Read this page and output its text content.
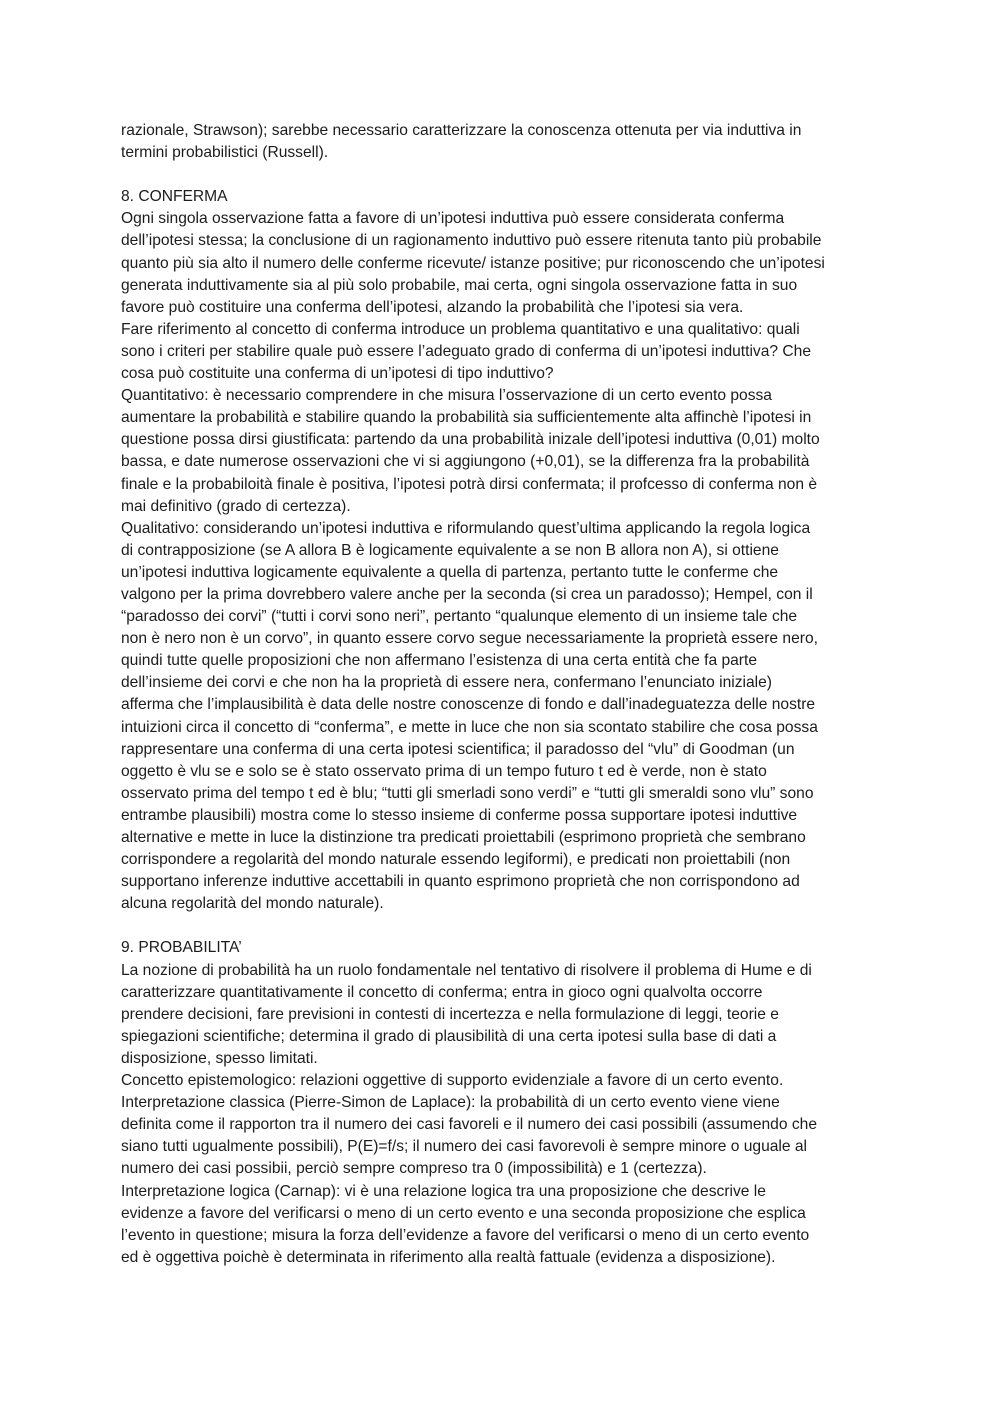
razionale, Strawson); sarebbe necessario caratterizzare la conoscenza ottenuta per via induttiva in
termini probabilistici (Russell).
8. CONFERMA
Ogni singola osservazione fatta a favore di un’ipotesi induttiva può essere considerata conferma
dell’ipotesi stessa; la conclusione di un ragionamento induttivo può essere ritenuta tanto più probabile
quanto più sia alto il numero delle conferme ricevute/ istanze positive; pur riconoscendo che un’ipotesi
generata induttivamente sia al più solo probabile, mai certa, ogni singola osservazione fatta in suo
favore può costituire una conferma dell’ipotesi, alzando la probabilità che l’ipotesi sia vera.
Fare riferimento al concetto di conferma introduce un problema quantitativo e una qualitativo: quali
sono i criteri per stabilire quale può essere l’adeguato grado di conferma di un’ipotesi induttiva? Che
cosa può costituite una conferma di un’ipotesi di tipo induttivo?
Quantitativo: è necessario comprendere in che misura l’osservazione di un certo evento possa
aumentare la probabilità e stabilire quando la probabilità sia sufficientemente alta affinchè l’ipotesi in
questione possa dirsi giustificata: partendo da una probabilità inizale dell’ipotesi induttiva (0,01) molto
bassa, e date numerose osservazioni che vi si aggiungono (+0,01), se la differenza fra la probabilità
finale e la probabiloità finale è positiva, l’ipotesi potrà dirsi confermata; il profcesso di conferma non è
mai definitivo (grado di certezza).
Qualitativo: considerando un’ipotesi induttiva e riformulando quest’ultima applicando la regola logica
di contrapposizione (se A allora B è logicamente equivalente a se non B allora non A), si ottiene
un’ipotesi induttiva logicamente equivalente a quella di partenza, pertanto tutte le conferme che
valgono per la prima dovrebbero valere anche per la seconda (si crea un paradosso); Hempel, con il
“paradosso dei corvi” (“tutti i corvi sono neri”, pertanto “qualunque elemento di un insieme tale che
non è nero non è un corvo”, in quanto essere corvo segue necessariamente la proprietà essere nero,
quindi tutte quelle proposizioni che non affermano l’esistenza di una certa entità che fa parte
dell’insieme dei corvi e che non ha la proprietà di essere nera, confermano l’enunciato iniziale)
afferma che l’implausibilità è data delle nostre conoscenze di fondo e dall’inadeguatezza delle nostre
intuizioni circa il concetto di “conferma”, e mette in luce che non sia scontato stabilire che cosa possa
rappresentare una conferma di una certa ipotesi scientifica; il paradosso del “vlu” di Goodman (un
oggetto è vlu se e solo se è stato osservato prima di un tempo futuro t ed è verde, non è stato
osservato prima del tempo t ed è blu; “tutti gli smerladi sono verdi” e “tutti gli smeraldi sono vlu” sono
entrambe plausibili) mostra come lo stesso insieme di conferme possa supportare ipotesi induttive
alternative e mette in luce la distinzione tra predicati proiettabili (esprimono proprietà che sembrano
corrispondere a regolarità del mondo naturale essendo legiformi), e predicati non proiettabili (non
supportano inferenze induttive accettabili in quanto esprimono proprietà che non corrispondono ad
alcuna regolarità del mondo naturale).
9. PROBABILITA’
La nozione di probabilità ha un ruolo fondamentale nel tentativo di risolvere il problema di Hume e di
caratterizzare quantitativamente il concetto di conferma; entra in gioco ogni qualvolta occorre
prendere decisioni, fare previsioni in contesti di incertezza e nella formulazione di leggi, teorie e
spiegazioni scientifiche; determina il grado di plausibilità di una certa ipotesi sulla base di dati a
disposizione, spesso limitati.
Concetto epistemologico: relazioni oggettive di supporto evidenziale a favore di un certo evento.
Interpretazione classica (Pierre-Simon de Laplace): la probabilità di un certo evento viene viene
definita come il rapporton tra il numero dei casi favoreli e il numero dei casi possibili (assumendo che
siano tutti ugualmente possibili), P(E)=f/s; il numero dei casi favorevoli è sempre minore o uguale al
numero dei casi possibii, perciò sempre compreso tra 0 (impossibilità) e 1 (certezza).
Interpretazione logica (Carnap): vi è una relazione logica tra una proposizione che descrive le
evidenze a favore del verificarsi o meno di un certo evento e una seconda proposizione che esplica
l’evento in questione; misura la forza dell’evidenze a favore del verificarsi o meno di un certo evento
ed è oggettiva poichè è determinata in riferimento alla realtà fattuale (evidenza a disposizione).
